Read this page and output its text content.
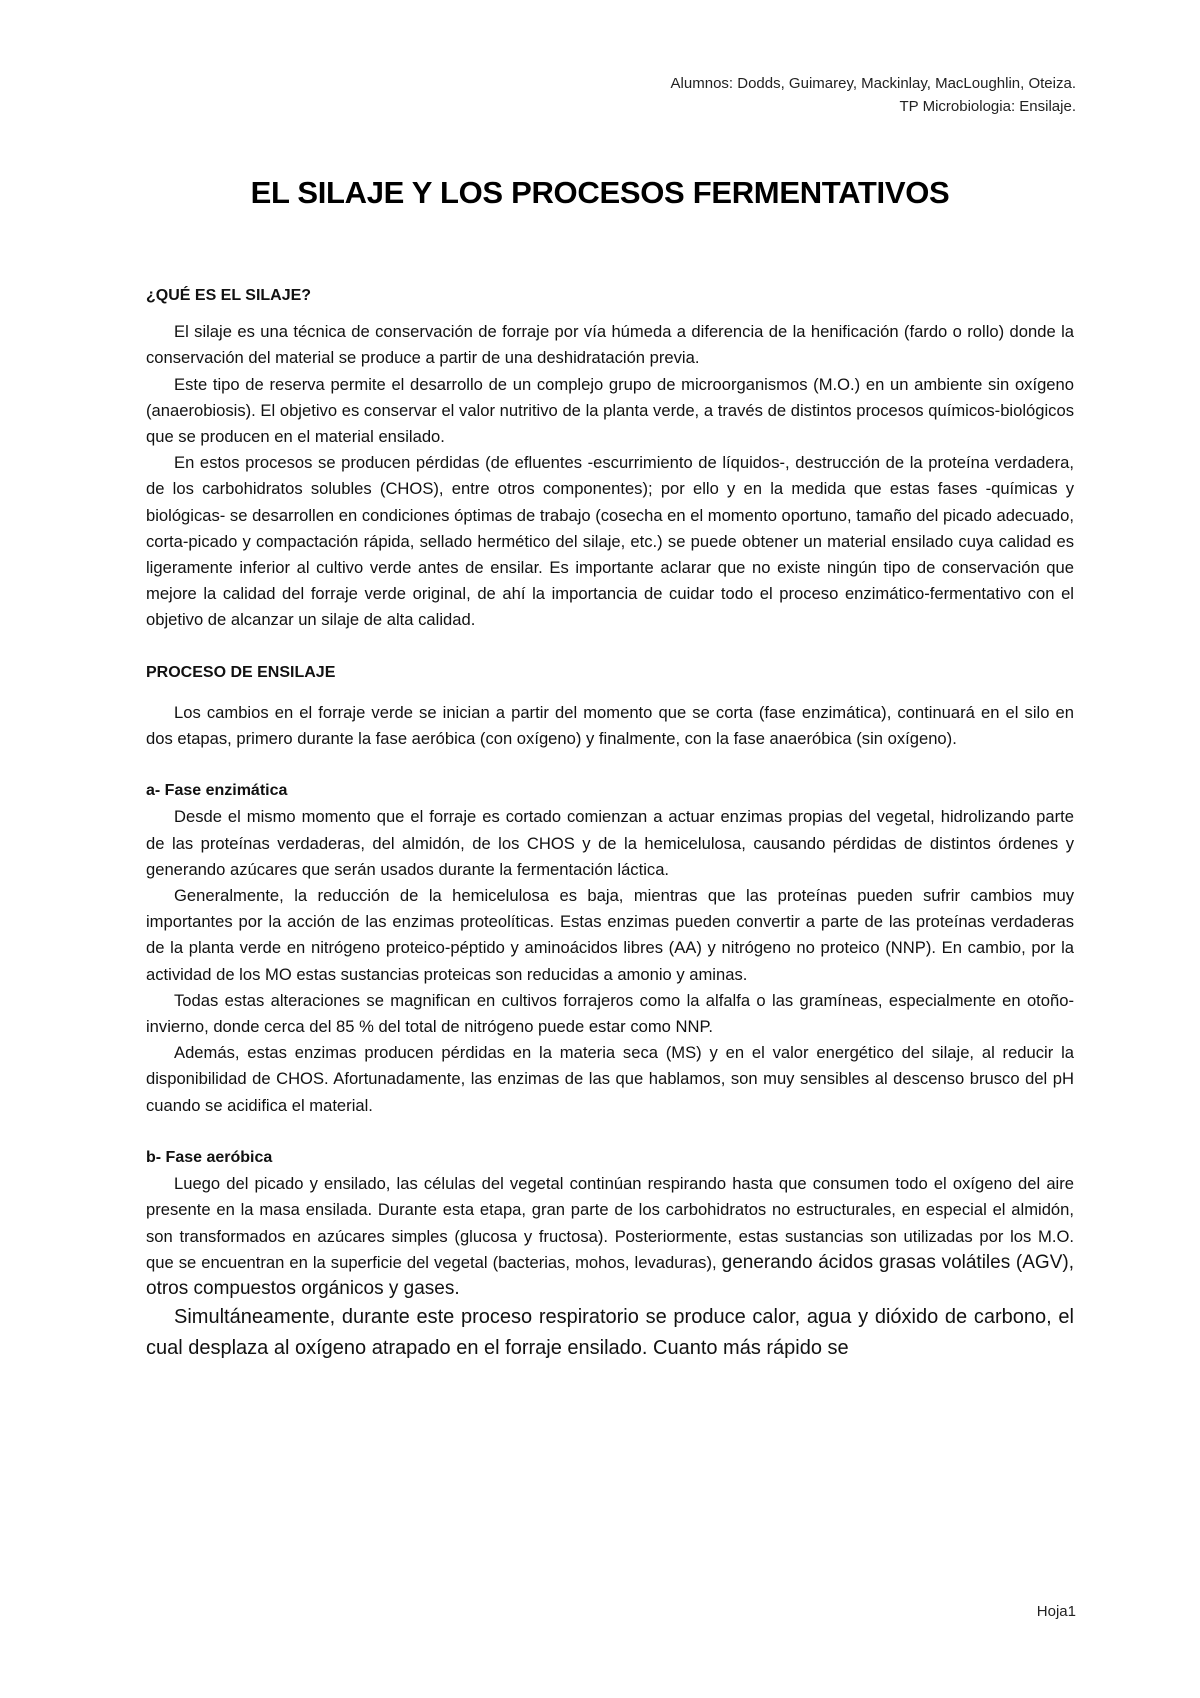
Alumnos: Dodds, Guimarey, Mackinlay, MacLoughlin, Oteiza.
TP Microbiologia: Ensilaje.
EL SILAJE Y LOS PROCESOS FERMENTATIVOS

¿QUÉ ES EL SILAJE?

El silaje es una técnica de conservación de forraje por vía húmeda a diferencia de la henificación (fardo o rollo) donde la conservación del material se produce a partir de una deshidratación previa.

Este tipo de reserva permite el desarrollo de un complejo grupo de microorganismos (M.O.) en un ambiente sin oxígeno (anaerobiosis). El objetivo es conservar el valor nutritivo de la planta verde, a través de distintos procesos químicos-biológicos que se producen en el material ensilado.

En estos procesos se producen pérdidas (de efluentes -escurrimiento de líquidos-, destrucción de la proteína verdadera, de los carbohidratos solubles (CHOS), entre otros componentes); por ello y en la medida que estas fases -químicas y biológicas- se desarrollen en condiciones óptimas de trabajo (cosecha en el momento oportuno, tamaño del picado adecuado, corta-picado y compactación rápida, sellado hermético del silaje, etc.) se puede obtener un material ensilado cuya calidad es ligeramente inferior al cultivo verde antes de ensilar. Es importante aclarar que no existe ningún tipo de conservación que mejore la calidad del forraje verde original, de ahí la importancia de cuidar todo el proceso enzimático-fermentativo con el objetivo de alcanzar un silaje de alta calidad.

PROCESO DE ENSILAJE

Los cambios en el forraje verde se inician a partir del momento que se corta (fase enzimática), continuará en el silo en dos etapas, primero durante la fase aeróbica (con oxígeno) y finalmente, con la fase anaeróbica (sin oxígeno).

a- Fase enzimática

Desde el mismo momento que el forraje es cortado comienzan a actuar enzimas propias del vegetal, hidrolizando parte de las proteínas verdaderas, del almidón, de los CHOS y de la hemicelulosa, causando pérdidas de distintos órdenes y generando azúcares que serán usados durante la fermentación láctica.

Generalmente, la reducción de la hemicelulosa es baja, mientras que las proteínas pueden sufrir cambios muy importantes por la acción de las enzimas proteolíticas. Estas enzimas pueden convertir a parte de las proteínas verdaderas de la planta verde en nitrógeno proteico-péptido y aminoácidos libres (AA) y nitrógeno no proteico (NNP). En cambio, por la actividad de los MO estas sustancias proteicas son reducidas a amonio y aminas.

Todas estas alteraciones se magnifican en cultivos forrajeros como la alfalfa o las gramíneas, especialmente en otoño-invierno, donde cerca del 85 % del total de nitrógeno puede estar como NNP.

Además, estas enzimas producen pérdidas en la materia seca (MS) y en el valor energético del silaje, al reducir la disponibilidad de CHOS. Afortunadamente, las enzimas de las que hablamos, son muy sensibles al descenso brusco del pH cuando se acidifica el material.

b- Fase aeróbica

Luego del picado y ensilado, las células del vegetal continúan respirando hasta que consumen todo el oxígeno del aire presente en la masa ensilada. Durante esta etapa, gran parte de los carbohidratos no estructurales, en especial el almidón, son transformados en azúcares simples (glucosa y fructosa). Posteriormente, estas sustancias son utilizadas por los M.O. que se encuentran en la superficie del vegetal (bacterias, mohos, levaduras), generando ácidos grasas volátiles (AGV), otros compuestos orgánicos y gases.

Simultáneamente, durante este proceso respiratorio se produce calor, agua y dióxido de carbono, el cual desplaza al oxígeno atrapado en el forraje ensilado. Cuanto más rápido se

Hoja1
